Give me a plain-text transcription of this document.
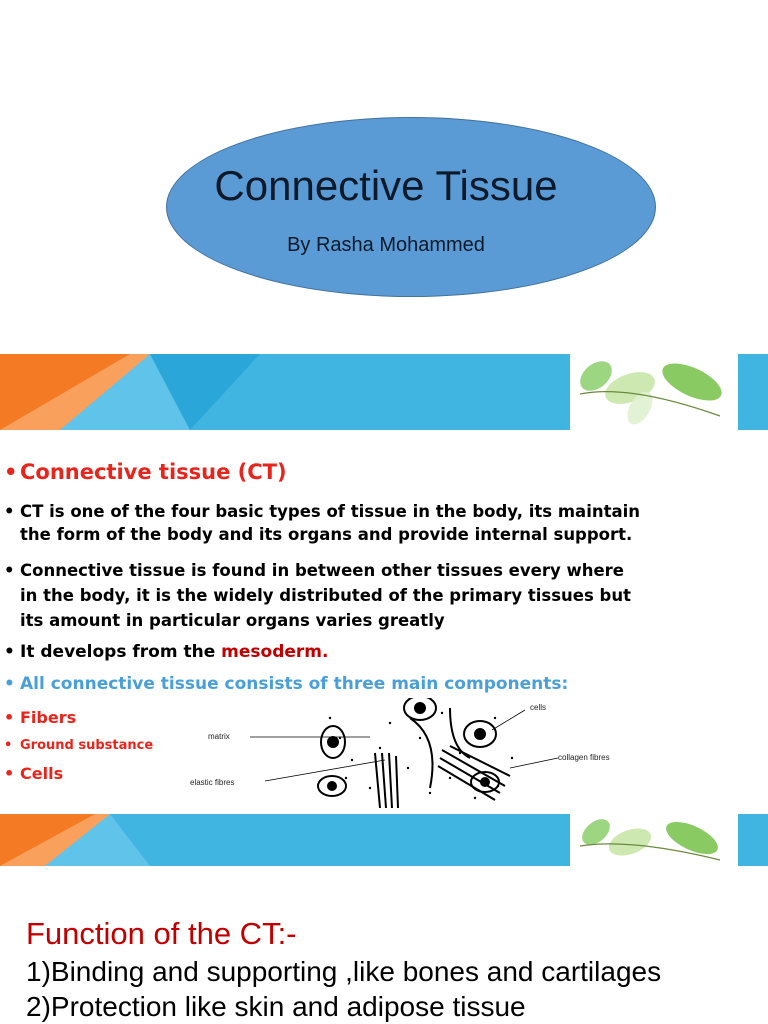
Connective Tissue
By Rasha Mohammed
• Connective tissue (CT)
• CT is one of the four basic types of tissue in the body, its maintain
the form of the body and its organs and provide internal support.
• Connective tissue is found in between other tissues every where
in the body, it is the widely distributed of the primary tissues but
its amount in particular organs varies greatly
• It develops from the mesoderm.
• All connective tissue consists of three main components:
• Fibers
• Ground substance
• Cells
matrix
elastic fibres
cells
collagen fibres
Function of the CT:-
1)Binding and supporting ,like bones and cartilages
2)Protection like skin and adipose tissue
